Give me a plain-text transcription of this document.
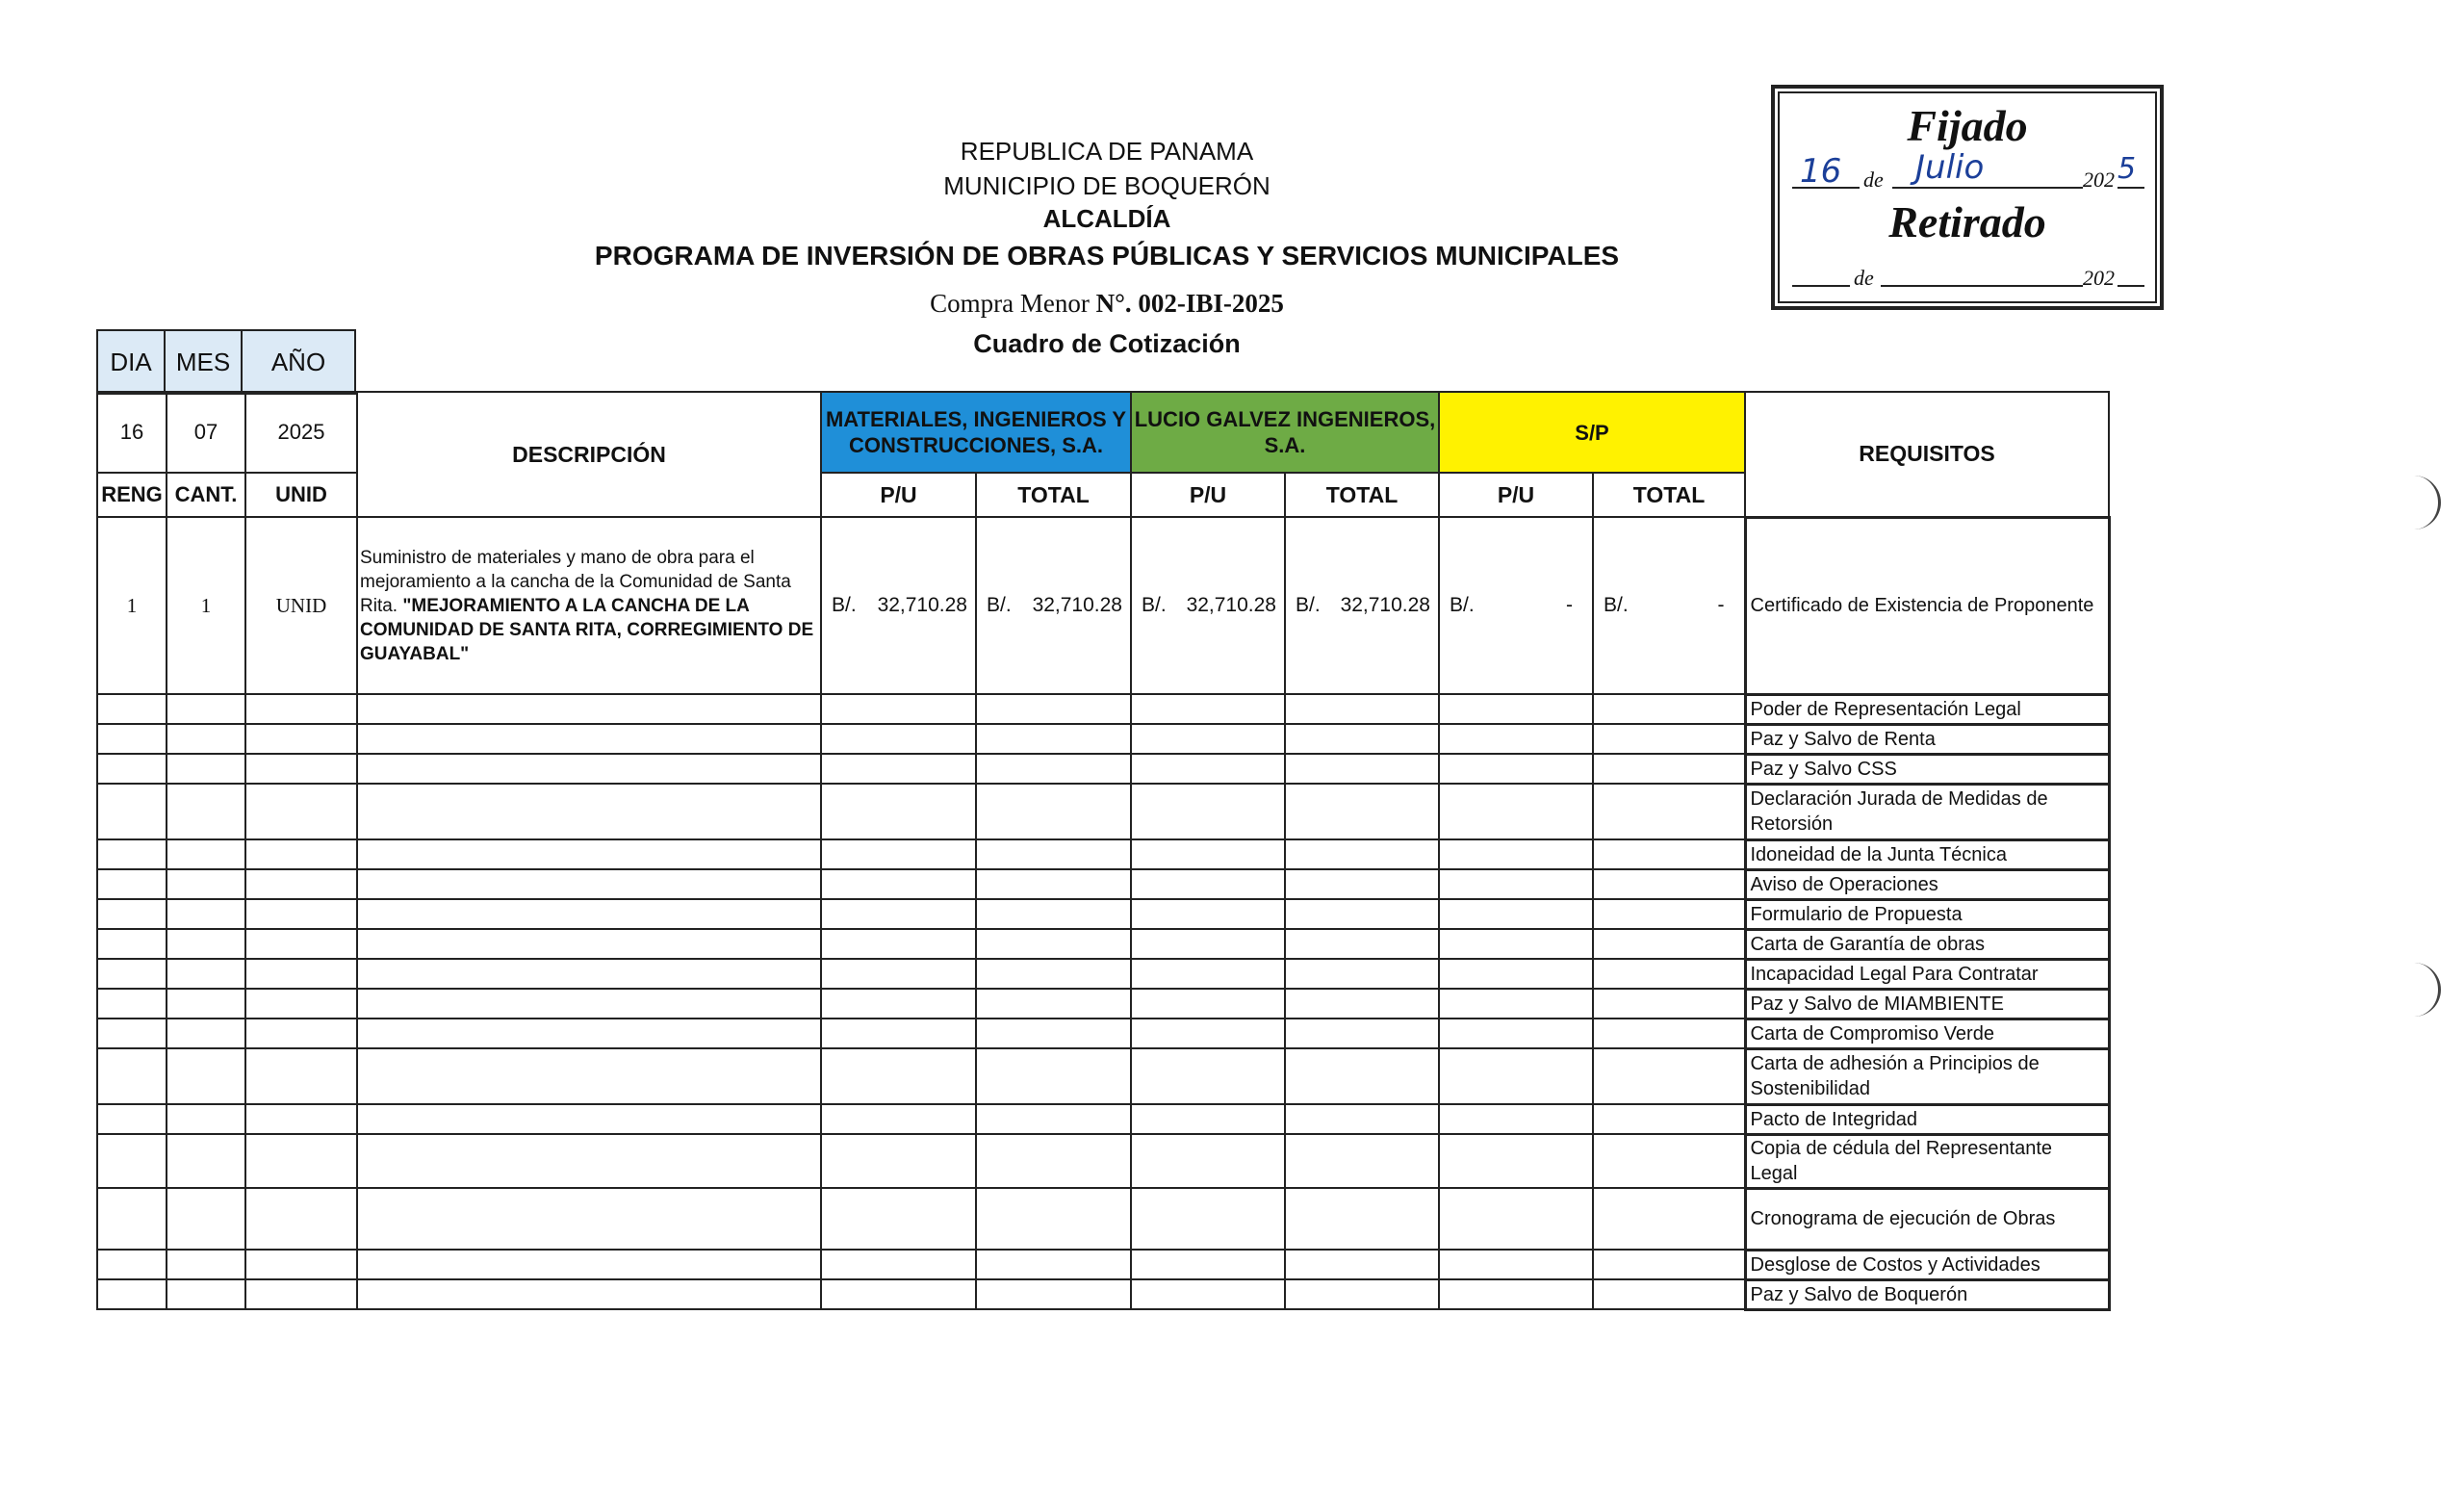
REPUBLICA DE PANAMA
MUNICIPIO DE BOQUERÓN
ALCALDÍA
PROGRAMA DE INVERSIÓN DE OBRAS PÚBLICAS Y SERVICIOS MUNICIPALES
Compra Menor N°. 002-IBI-2025
Cuadro de Cotización
Fijado
16 de Julio	202 5
Retirado
de	202
DIA	MES	AÑO
16	07	2025	DESCRIPCIÓN	MATERIALES, INGENIEROS Y CONSTRUCCIONES, S.A.		LUCIO GALVEZ INGENIEROS, S.A.		S/P		REQUISITOS
RENG	CANT.	UNID		P/U	TOTAL	P/U	TOTAL	P/U	TOTAL	
1	1	UNID	Suministro de materiales y mano de obra para el mejoramiento a la cancha de la Comunidad de Santa Rita. "MEJORAMIENTO A LA CANCHA DE LA COMUNIDAD DE SANTA RITA, CORREGIMIENTO DE GUAYABAL"	B/. 32,710.28	B/. 32,710.28	B/. 32,710.28	B/. 32,710.28	B/. -	B/. -	Certificado de Existencia de Proponente
										Poder de Representación Legal
										Paz y Salvo de Renta
										Paz y Salvo CSS
										Declaración Jurada de Medidas de Retorsión
										Idoneidad de la Junta Técnica
										Aviso de Operaciones
										Formulario de Propuesta
										Carta de Garantía de obras
										Incapacidad Legal Para Contratar
										Paz y Salvo de MIAMBIENTE
										Carta de Compromiso Verde
										Carta de adhesión a Principios de Sostenibilidad
										Pacto de Integridad
										Copia de cédula del Representante Legal
										Cronograma de ejecución de Obras
										Desglose de Costos y Actividades
										Paz y Salvo de Boquerón
